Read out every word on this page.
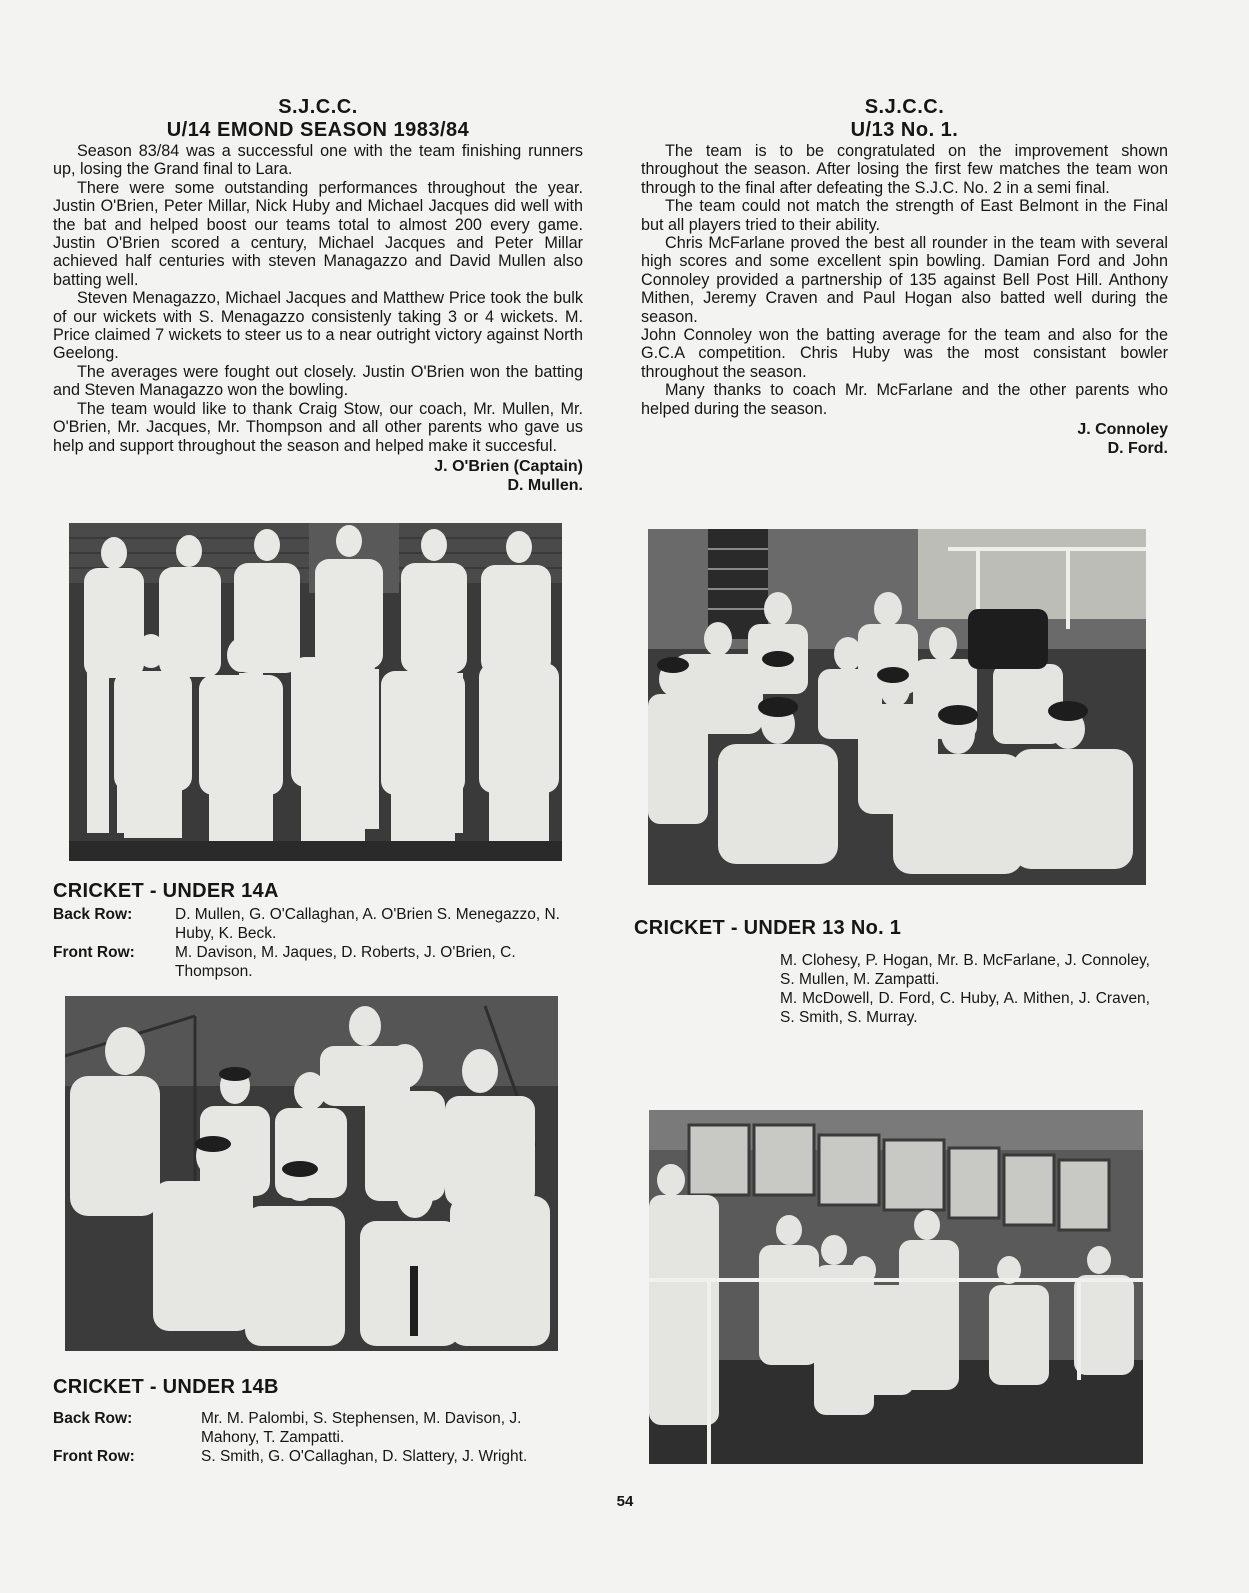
S.J.C.C.
U/14 EMOND SEASON 1983/84

Season 83/84 was a successful one with the team finishing runners up, losing the Grand final to Lara.

There were some outstanding performances throughout the year. Justin O'Brien, Peter Millar, Nick Huby and Michael Jacques did well with the bat and helped boost our teams total to almost 200 every game. Justin O'Brien scored a century, Michael Jacques and Peter Millar achieved half centuries with steven Managazzo and David Mullen also batting well.

Steven Menagazzo, Michael Jacques and Matthew Price took the bulk of our wickets with S. Menagazzo consistenly taking 3 or 4 wickets. M. Price claimed 7 wickets to steer us to a near outright victory against North Geelong.

The averages were fought out closely. Justin O'Brien won the batting and Steven Managazzo won the bowling.

The team would like to thank Craig Stow, our coach, Mr. Mullen, Mr. O'Brien, Mr. Jacques, Mr. Thompson and all other parents who gave us help and support throughout the season and helped make it succesful.

J. O'Brien (Captain)
D. Mullen.
S.J.C.C.
U/13 No. 1.

The team is to be congratulated on the improvement shown throughout the season. After losing the first few matches the team won through to the final after defeating the S.J.C. No. 2 in a semi final.

The team could not match the strength of East Belmont in the Final but all players tried to their ability.

Chris McFarlane proved the best all rounder in the team with several high scores and some excellent spin bowling. Damian Ford and John Connoley provided a partnership of 135 against Bell Post Hill. Anthony Mithen, Jeremy Craven and Paul Hogan also batted well during the season.

John Connoley won the batting average for the team and also for the G.C.A competition. Chris Huby was the most consistant bowler throughout the season.

Many thanks to coach Mr. McFarlane and the other parents who helped during the season.

J. Connoley
D. Ford.
CRICKET - UNDER 14A
Back Row:	D. Mullen, G. O'Callaghan, A. O'Brien S. Menegazzo, N. Huby, K. Beck.
Front Row:	M. Davison, M. Jaques, D. Roberts, J. O'Brien, C. Thompson.
CRICKET - UNDER 14B
Back Row:	Mr. M. Palombi, S. Stephensen, M. Davison, J. Mahony, T. Zampatti.
Front Row:	S. Smith, G. O'Callaghan, D. Slattery, J. Wright.
CRICKET - UNDER 13 No. 1
M. Clohesy, P. Hogan, Mr. B. McFarlane, J. Connoley, S. Mullen, M. Zampatti.
M. McDowell, D. Ford, C. Huby, A. Mithen, J. Craven, S. Smith, S. Murray.
54
